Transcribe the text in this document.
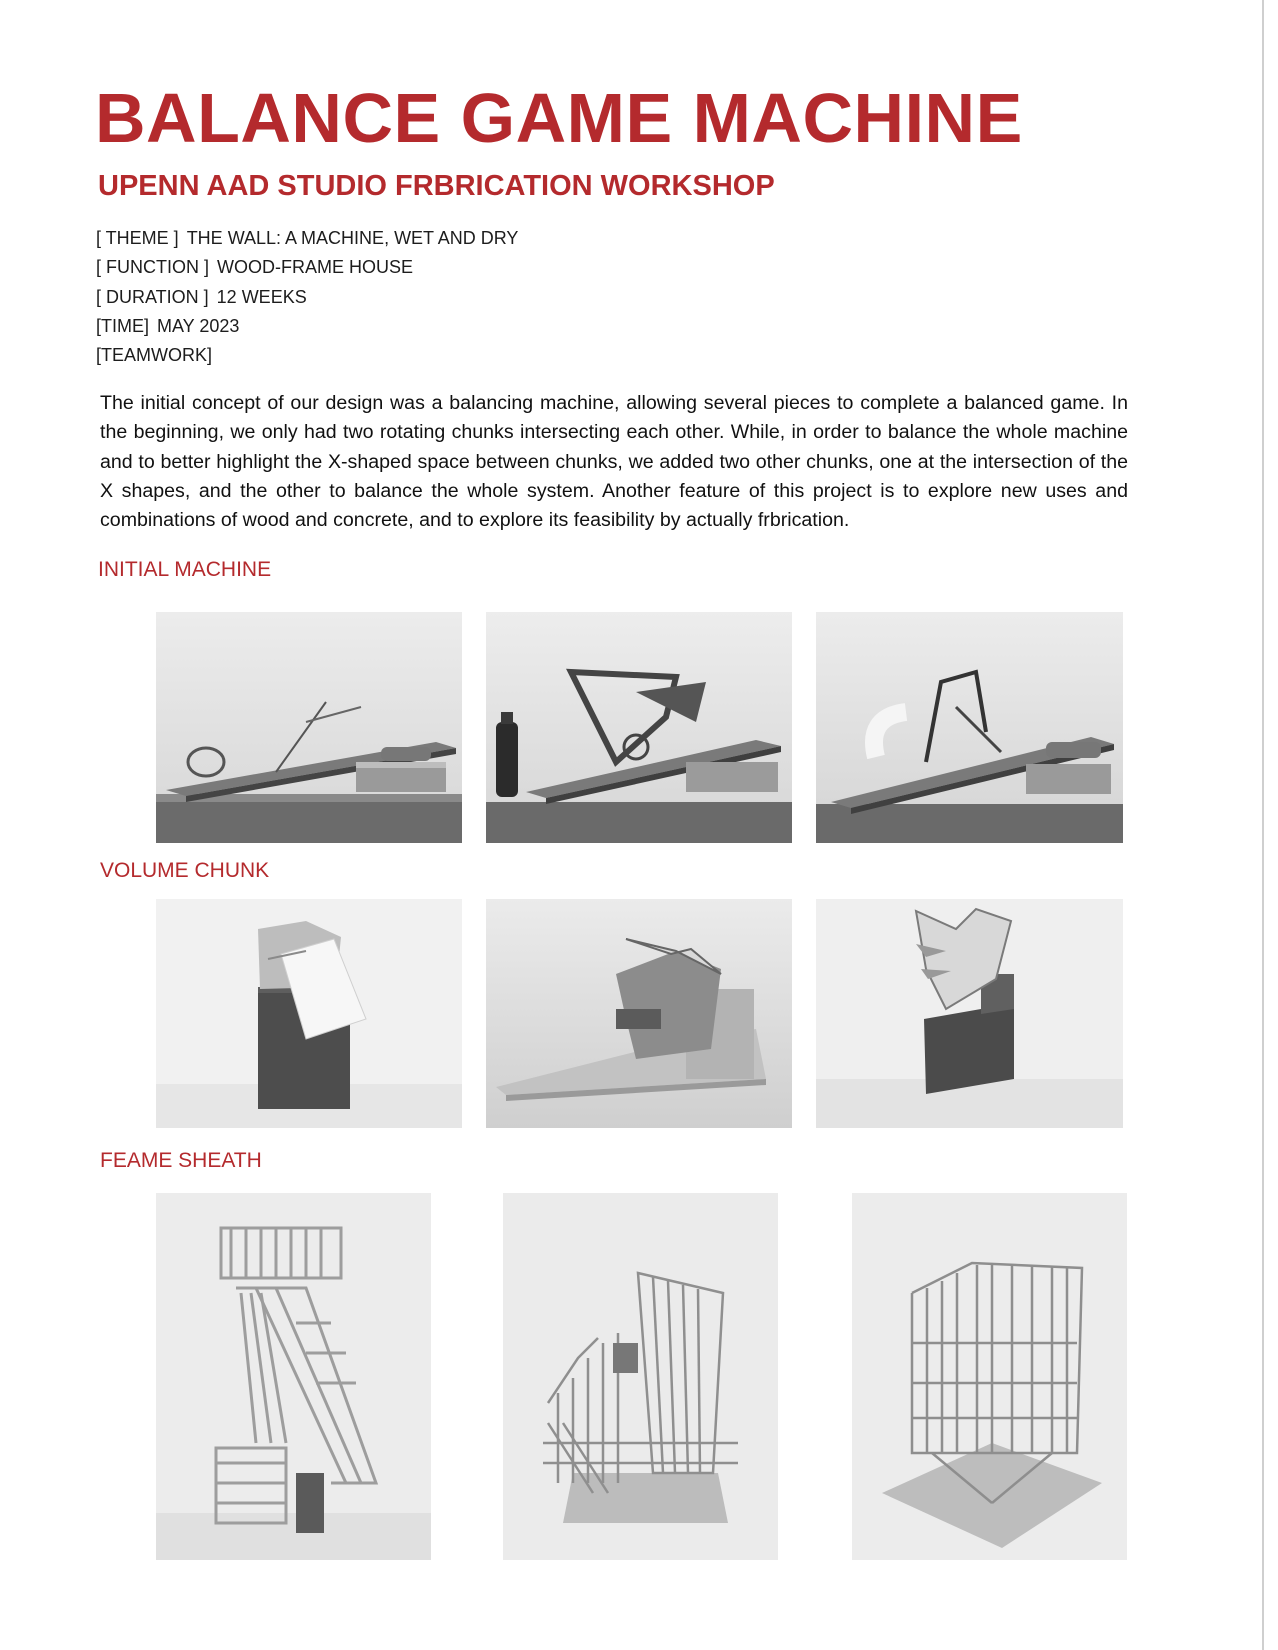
BALANCE GAME MACHINE
UPENN AAD STUDIO FRBRICATION WORKSHOP
[ THEME ] THE WALL: A MACHINE, WET AND DRY
[ FUNCTION ] WOOD-FRAME HOUSE
[ DURATION ] 12 WEEKS
[TIME] MAY 2023
[TEAMWORK]

The initial concept of our design was a balancing machine, allowing several pieces to complete a balanced game. In the beginning, we only had two rotating chunks intersecting each other. While, in order to balance the whole machine and to better highlight the X-shaped space between chunks, we added two other chunks, one at the intersection of the X shapes, and the other to balance the whole system. Another feature of this project is to explore new uses and combinations of wood and concrete, and to explore its feasibility by actually frbrication.

INITIAL MACHINE
VOLUME CHUNK
FEAME SHEATH
